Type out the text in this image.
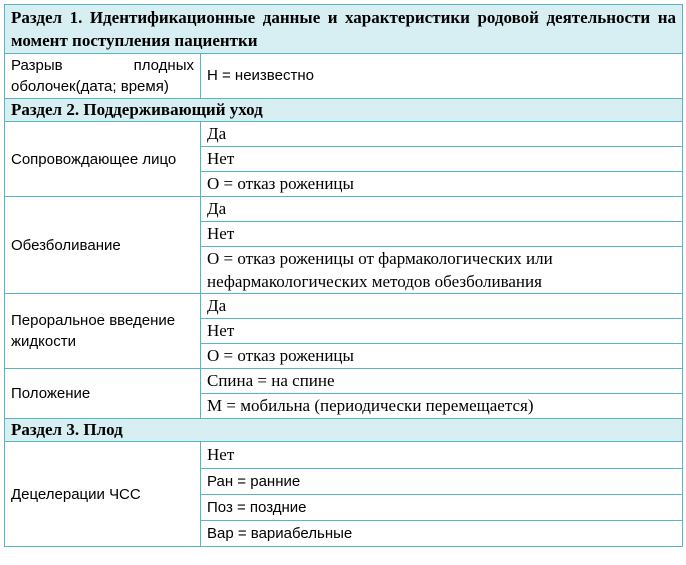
Раздел 1. Идентификационные данные и характеристики родовой деятельности на момент поступления пациентки	
Разрыв плодных оболочек(дата; время)	Н = неизвестно
Раздел 2. Поддерживающий уход	
Сопровождающее лицо	Да
	Нет
	О = отказ роженицы
Обезболивание	Да
	Нет
	О = отказ роженицы от фармакологических или нефармакологических методов обезболивания
Пероральное введение жидкости	Да
	Нет
	О = отказ роженицы
Положение	Спина = на спине
	М = мобильна (периодически перемещается)
Раздел 3. Плод	
Децелерации ЧСС	Нет
	Ран = ранние
	Поз = поздние
	Вар = вариабельные
